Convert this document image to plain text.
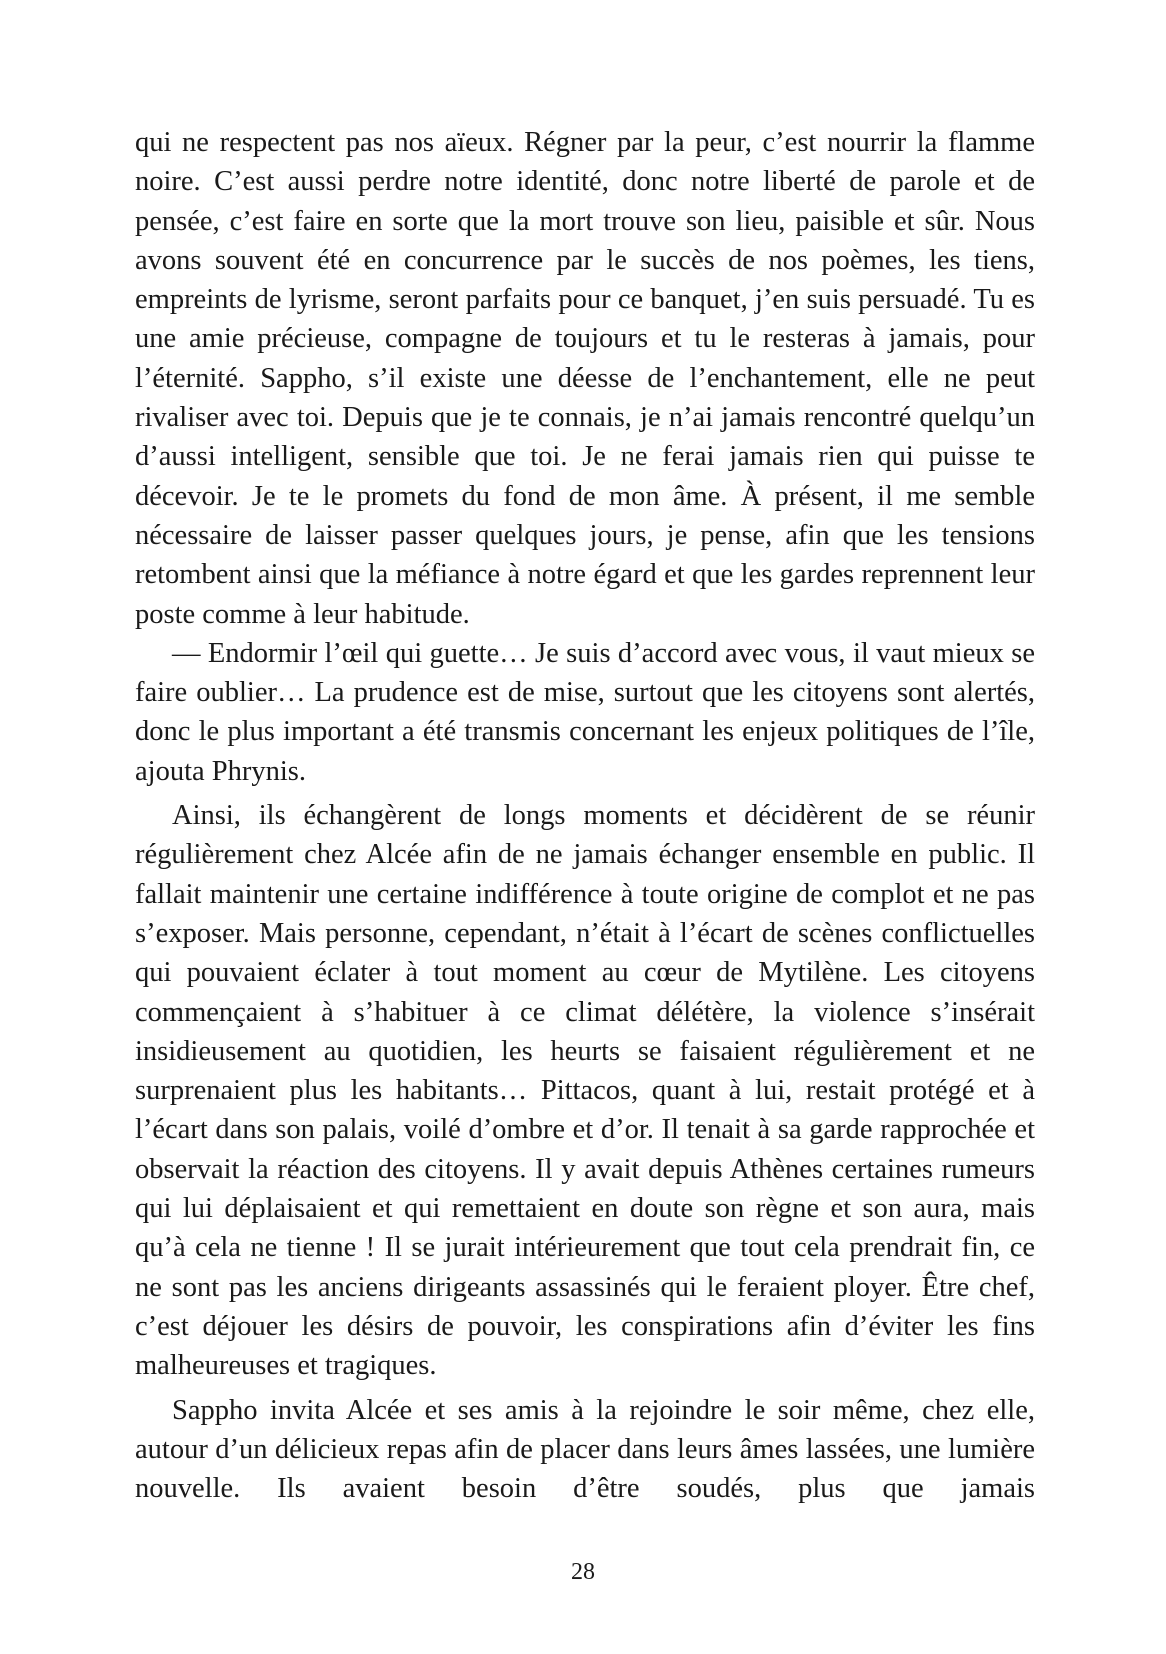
qui ne respectent pas nos aïeux. Régner par la peur, c’est nourrir la flamme noire. C’est aussi perdre notre identité, donc notre liberté de parole et de pensée, c’est faire en sorte que la mort trouve son lieu, paisible et sûr. Nous avons souvent été en concurrence par le succès de nos poèmes, les tiens, empreints de lyrisme, seront parfaits pour ce banquet, j’en suis persuadé. Tu es une amie précieuse, compagne de toujours et tu le resteras à jamais, pour l’éternité. Sappho, s’il existe une déesse de l’enchantement, elle ne peut rivaliser avec toi. Depuis que je te connais, je n’ai jamais rencontré quelqu’un d’aussi intelligent, sensible que toi. Je ne ferai jamais rien qui puisse te décevoir. Je te le promets du fond de mon âme. À présent, il me semble nécessaire de laisser passer quelques jours, je pense, afin que les tensions retombent ainsi que la méfiance à notre égard et que les gardes reprennent leur poste comme à leur habitude.

— Endormir l’œil qui guette… Je suis d’accord avec vous, il vaut mieux se faire oublier… La prudence est de mise, surtout que les citoyens sont alertés, donc le plus important a été transmis concernant les enjeux politiques de l’île, ajouta Phrynis.

Ainsi, ils échangèrent de longs moments et décidèrent de se réunir régulièrement chez Alcée afin de ne jamais échanger ensemble en public. Il fallait maintenir une certaine indifférence à toute origine de complot et ne pas s’exposer. Mais personne, cependant, n’était à l’écart de scènes conflictuelles qui pouvaient éclater à tout moment au cœur de Mytilène. Les citoyens commençaient à s’habituer à ce climat délétère, la violence s’insérait insidieusement au quotidien, les heurts se faisaient régulièrement et ne surprenaient plus les habitants… Pittacos, quant à lui, restait protégé et à l’écart dans son palais, voilé d’ombre et d’or. Il tenait à sa garde rapprochée et observait la réaction des citoyens. Il y avait depuis Athènes certaines rumeurs qui lui déplaisaient et qui remettaient en doute son règne et son aura, mais qu’à cela ne tienne ! Il se jurait intérieurement que tout cela prendrait fin, ce ne sont pas les anciens dirigeants assassinés qui le feraient ployer. Être chef, c’est déjouer les désirs de pouvoir, les conspirations afin d’éviter les fins malheureuses et tragiques.

Sappho invita Alcée et ses amis à la rejoindre le soir même, chez elle, autour d’un délicieux repas afin de placer dans leurs âmes lassées, une lumière nouvelle. Ils avaient besoin d’être soudés, plus que jamais

28
